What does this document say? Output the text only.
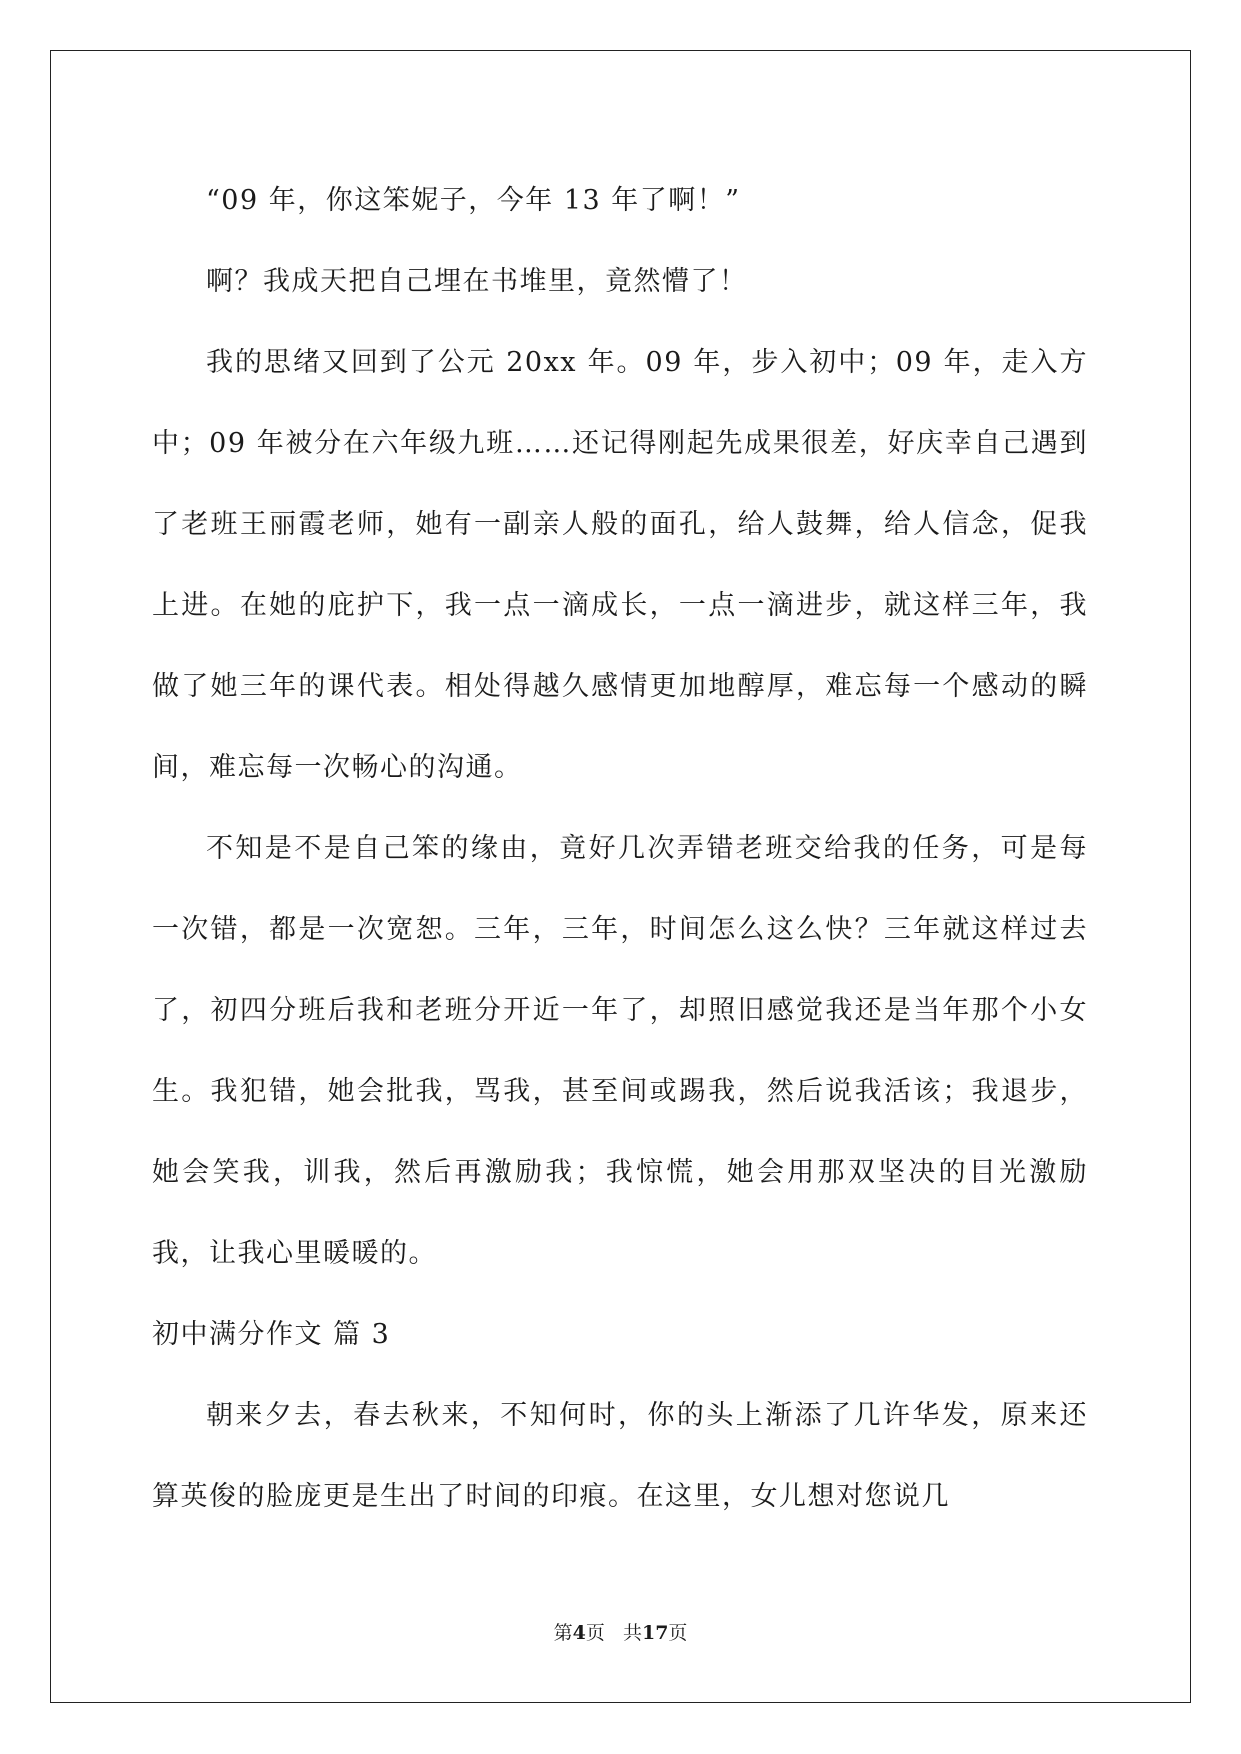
“09 年，你这笨妮子，今年 13 年了啊！”

啊？我成天把自己埋在书堆里，竟然懵了！

我的思绪又回到了公元 20xx 年。09 年，步入初中；09 年，走入方中；09 年被分在六年级九班……还记得刚起先成果很差，好庆幸自己遇到了老班王丽霞老师，她有一副亲人般的面孔，给人鼓舞，给人信念，促我上进。在她的庇护下，我一点一滴成长，一点一滴进步，就这样三年，我做了她三年的课代表。相处得越久感情更加地醇厚，难忘每一个感动的瞬间，难忘每一次畅心的沟通。

不知是不是自己笨的缘由，竟好几次弄错老班交给我的任务，可是每一次错，都是一次宽恕。三年，三年，时间怎么这么快？三年就这样过去了，初四分班后我和老班分开近一年了，却照旧感觉我还是当年那个小女生。我犯错，她会批我，骂我，甚至间或踢我，然后说我活该；我退步，她会笑我，训我，然后再激励我；我惊慌，她会用那双坚决的目光激励我，让我心里暖暖的。

初中满分作文 篇 3

朝来夕去，春去秋来，不知何时，你的头上渐添了几许华发，原来还算英俊的脸庞更是生出了时间的印痕。在这里，女儿想对您说几

第4页 共17页
